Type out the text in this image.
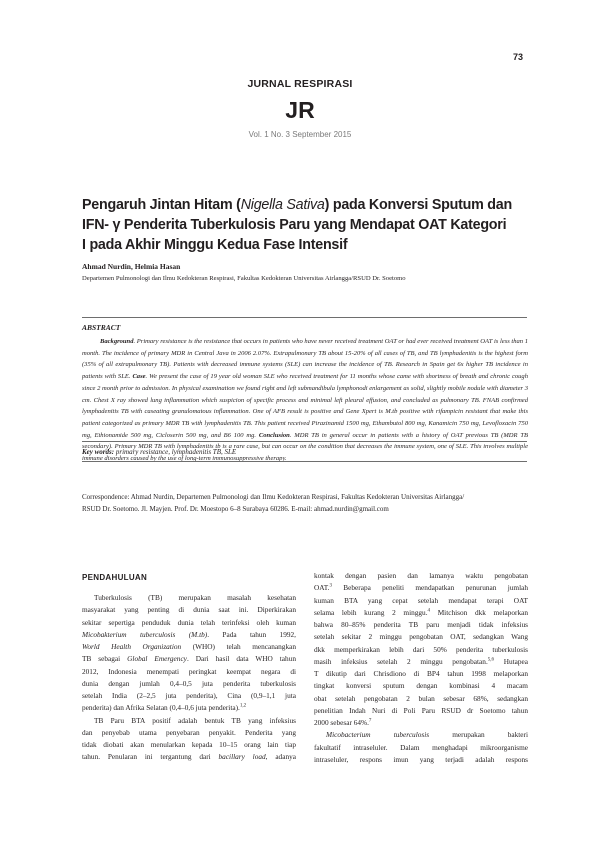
73
JURNAL RESPIRASI
JR
Vol. 1 No. 3 September 2015
Pengaruh Jintan Hitam (Nigella Sativa) pada Konversi Sputum dan
IFN- γ Penderita Tuberkulosis Paru yang Mendapat OAT Kategori
I pada Akhir Minggu Kedua Fase Intensif
Ahmad Nurdin, Helmia Hasan
Departemen Pulmonologi dan Ilmu Kedokteran Respirasi, Fakultas Kedokteran Universitas Airlangga/RSUD Dr. Soetomo
ABSTRACT

Background. Primary resistance is the resistance that occurs in patients who have never received treatment OAT or had ever received treatment OAT is less than 1 month. The incidence of primary MDR in Central Java in 2006 2.07%. Extrapulmonary TB about 15-20% of all cases of TB, and TB lymphadenitis is the highest form (35% of all extrapulmonary TB). Patients with decreased immune systems (SLE) can increase the incidence of TB. Research in Spain get 6x higher TB incidence in patients with SLE. Case. We present the case of 19 year old woman SLE who received treatment for 11 months whose came with shortness of breath and chronic cough since 2 month prior to admission. In physical examination we found right and left submandibula lymphonodi enlargement as solid, slightly mobile nodule with diameter 3 cm. Chest X ray showed lung inflammation which suspicion of specific process and minimal left pleural effusion, and concluded as pulmonary TB. FNAB confirmed lymphadenitis TB with caseating granulomatous inflammation. One of AFB result is positive and Gene Xpert is M.tb positive with rifampicin resistant that make this patient categorized as primary MDR TB with lymphadenitis TB. This patient received Pirazinamid 1500 mg, Ethambutol 800 mg, Kanamicin 750 mg, Levofloxacin 750 mg, Ethionamide 500 mg, Cicloserin 500 mg, and B6 100 mg. Conclusion. MDR TB in general occur in patients with a history of OAT previous TB (MDR TB secondary). Primary MDR TB with lymphadenitis tb is a rare case, but can occur on the condition that decreases the immune system, one of SLE. This involves multiple immune disorders caused by the use of long-term immunosuppressive therapy.

Key words: primary resistance, lymphadenitis TB, SLE
Correspondence: Ahmad Nurdin, Departemen Pulmonologi dan Ilmu Kedokteran Respirasi, Fakultas Kedokteran Universitas Airlangga/
RSUD Dr. Soetomo. Jl. Mayjen. Prof. Dr. Moestopo 6–8 Surabaya 60286. E-mail: ahmad.nurdin@gmail.com
PENDAHULUAN
Tuberkulosis (TB) merupakan masalah kesehatan
masyarakat yang penting di dunia saat ini. Diperkirakan
sekitar sepertiga penduduk dunia telah terinfeksi oleh kuman
Micobakterium tuberculosis (M.tb). Pada tahun 1992,
World Health Organization (WHO) telah mencanangkan
TB sebagai Global Emergency. Dari hasil data WHO tahun
2012, Indonesia menempati peringkat keempat negara di
dunia dengan jumlah 0,4–0,5 juta penderita tuberkulosis
setelah India (2–2,5 juta penderita), Cina (0,9–1,1 juta
penderita) dan Afrika Selatan (0,4–0,6 juta penderita).$^{1,2}$
TB Paru BTA positif adalah bentuk TB yang infeksius
dan penyebab utama penyebaran penyakit. Penderita yang
tidak diobati akan menularkan kepada 10–15 orang lain tiap
tahun. Penularan ini tergantung dari bacillary load, adanya
kontak dengan pasien dan lamanya waktu pengobatan
OAT.$^3$ Beberapa peneliti mendapatkan penurunan jumlah
kuman BTA yang cepat setelah mendapat terapi OAT
selama lebih kurang 2 minggu.$^4$ Mitchison dkk melaporkan
bahwa 80–85% penderita TB paru menjadi tidak infeksius
setelah sekitar 2 minggu pengobatan OAT, sedangkan Wang
dkk memperkirakan lebih dari 50% penderita tuberkulosis
masih infeksius setelah 2 minggu pengobatan.$^{5,6}$ Hutapea
T dikutip dari Chrisdiono di BP4 tahun 1998 melaporkan
tingkat konversi sputum dengan kombinasi 4 macam
obat setelah pengobatan 2 bulan sebesar 68%, sedangkan
penelitian Indah Nuri di Poli Paru RSUD dr Soetomo tahun
2000 sebesar 64%.$^7$
Micobacterium tuberculosis merupakan bakteri
fakultatif intraseluler. Dalam menghadapi mikroorganisme
intraseluler, respons imun yang terjadi adalah respons
